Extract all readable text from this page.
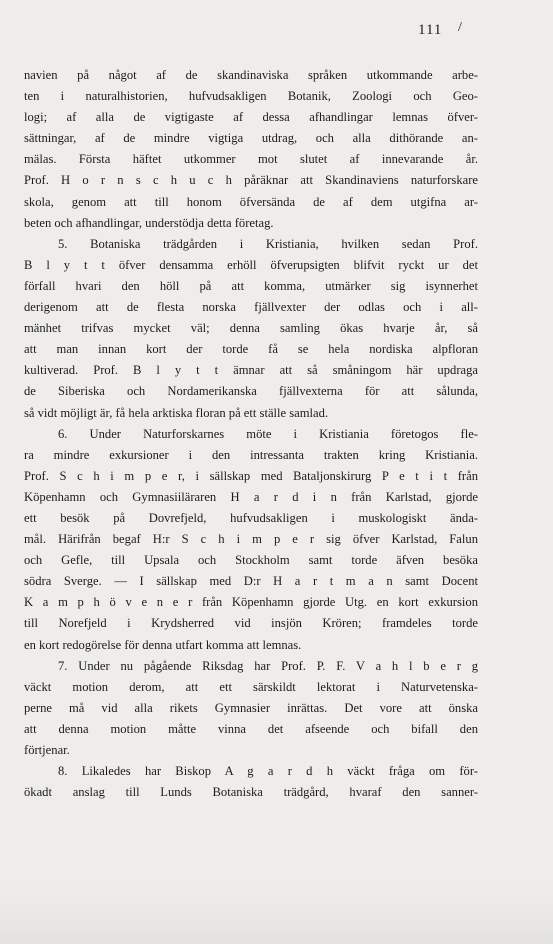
111 /
navien på något af de skandinaviska språken utkommande arbe-
ten i naturalhistorien, hufvudsakligen Botanik, Zoologi och Geo-
logi; af alla de vigtigaste af dessa afhandlingar lemnas öfver-
sättningar, af de mindre vigtiga utdrag, och alla dithörande an-
mälas. Första häftet utkommer mot slutet af innevarande år.
Prof. H o r n s c h u c h påräknar att Skandinaviens naturforskare
skola, genom att till honom öfversända de af dem utgifna ar-
beten och afhandlingar, understödja detta företag.
5. Botaniska trädgården i Kristiania, hvilken sedan Prof.
B l y t t öfver densamma erhöll öfverupsigten blifvit ryckt ur det
förfall hvari den höll på att komma, utmärker sig isynnerhet
derigenom att de flesta norska fjällvexter der odlas och i all-
mänhet trifvas mycket väl; denna samling ökas hvarje år, så
att man innan kort der torde få se hela nordiska alpfloran
kultiverad. Prof. B l y t t ämnar att så småningom här updraga
de Siberiska och Nordamerikanska fjällvexterna för att sålunda,
så vidt möjligt är, få hela arktiska floran på ett ställe samlad.
6. Under Naturforskarnes möte i Kristiania företogos fle-
ra mindre exkursioner i den intressanta trakten kring Kristiania.
Prof. S c h i m p e r, i sällskap med Bataljonskirurg P e t i t från
Köpenhamn och Gymnasiiläraren H a r d i n från Karlstad, gjorde
ett besök på Dovrefjeld, hufvudsakligen i muskologiskt ända-
mål. Härifrån begaf H:r S c h i m p e r sig öfver Karlstad, Falun
och Gefle, till Upsala och Stockholm samt torde äfven besöka
södra Sverge. — I sällskap med D:r H a r t m a n samt Docent
K a m p h ö v e n e r från Köpenhamn gjorde Utg. en kort exkursion
till Norefjeld i Krydsherred vid insjön Krören; framdeles torde
en kort redogörelse för denna utfart komma att lemnas.
7. Under nu pågående Riksdag har Prof. P. F. V a h l b e r g
väckt motion derom, att ett särskildt lektorat i Naturvetenska-
perne må vid alla rikets Gymnasier inrättas. Det vore att önska
att denna motion måtte vinna det afseende och bifall den
förtjenar.
8. Likaledes har Biskop A g a r d h väckt fråga om för-
ökadt anslag till Lunds Botaniska trädgård, hvaraf den sanner-
